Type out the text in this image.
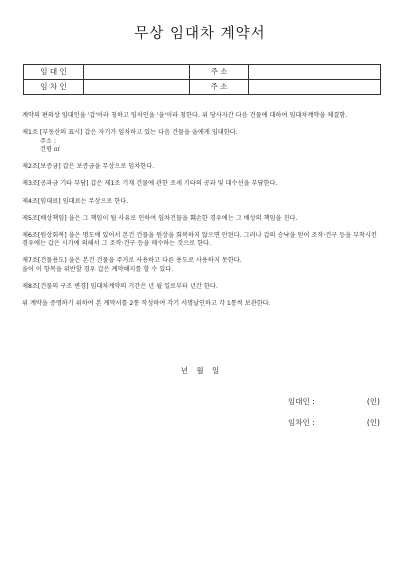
무상 임대차 계약서
임 대 인		주 소	
임 차 인		주 소	

계약의 편의상 임대인을 '갑'이라 칭하고 임차인을 '을'이라 칭한다. 위 당사자간 다음 건물에 대하여 임대차계약을 체결함.

제1조 [부동산의 표시] 갑은 자기가 임차하고 있는 다음 건물을 을에게 임대한다.
주소 :
건평 ㎡

제2조[보증금] 갑은 보증금을 무상으로 임차한다.

제3조[공과금 기타 부담] 갑은 제1조 기재 건물에 관한 조세 기타의 공과 및 대수선을 부담한다.

제4조[임대료] 임대료는 무상으로 한다.

제5조[배상책임] 을은 그 책임이 될 사유로 인하여 임차건물을 훼손한 경우에는 그 배상의 책임을 진다.

제6조[원상회복] 을은 명도에 있어서 본건 건물을 원상을 회복하지 않으면 안된다. 그러나 갑의 승낙을 얻어 조작·건구 등을 부착시킨 경우에는 갑은 시가에 의해서 그 조작·건구 등을 매수하는 것으로 한다.

제7조[건물용도] 을은 본건 건물을 주거로 사용하고 다른 용도로 사용하지 못한다.
을이 이 항목을 위반할 경우 갑은 계약해지를 할 수 있다.

제8조[건물의 구조 변경] 임대차계약의 기간은 년 월 일로부터 년간 한다.

위 계약을 증명하기 위하여 본 계약서를 2통 작성하여 각기 서명날인하고 각 1통씩 보관한다.

년 월 일
임대인 :	(인)
임차인 :	(인)
